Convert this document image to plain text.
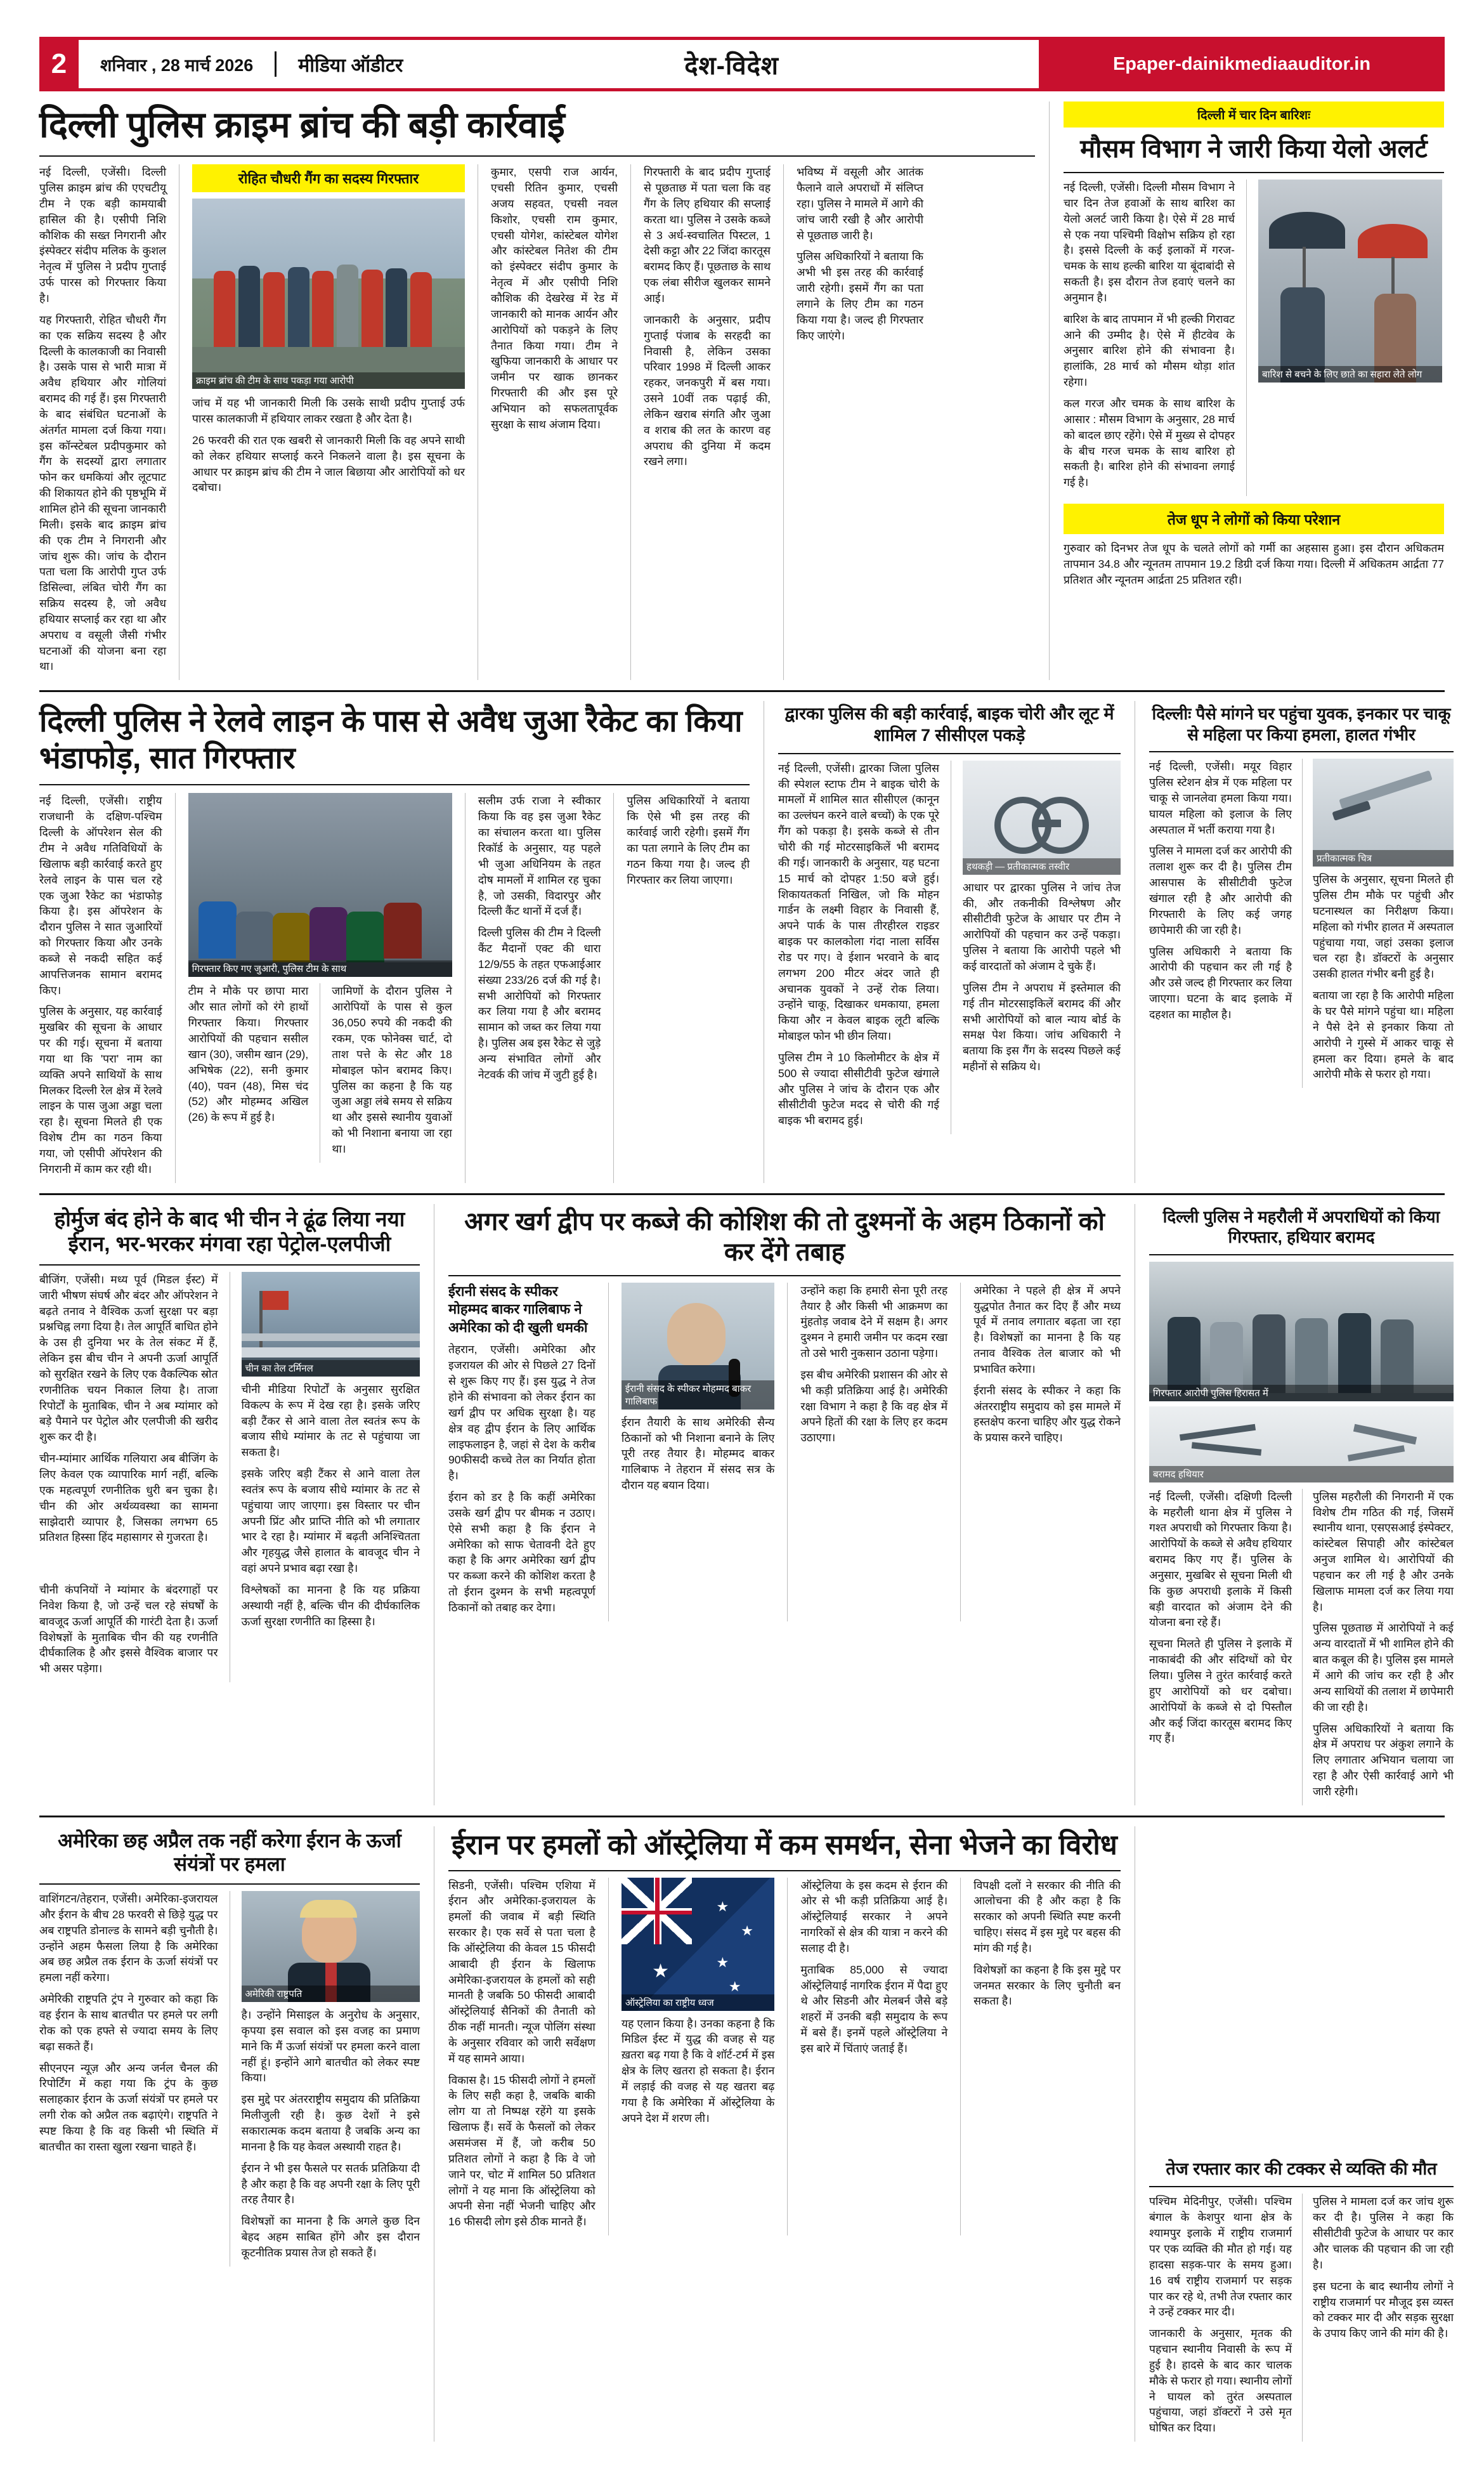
2	शनिवार , 28 मार्च 2026	मीडिया ऑडीटर	देश-विदेश	Epaper-dainikmediaauditor.in
दिल्ली पुलिस क्राइम ब्रांच की बड़ी कार्रवाई

नई दिल्ली, एजेंसी। दिल्ली पुलिस क्राइम ब्रांच की एएचटीयू टीम ने एक बड़ी कामयाबी हासिल की है। एसीपी निशि कौशिक की सख्त निगरानी और इंस्पेक्टर संदीप मलिक के कुशल नेतृत्व में पुलिस ने प्रदीप गुप्ताई उर्फ पारस को गिरफ्तार किया है।

यह गिरफ्तारी, रोहित चौधरी गैंग का एक सक्रिय सदस्य है और दिल्ली के कालकाजी का निवासी है। उसके पास से भारी मात्रा में अवैध हथियार और गोलियां बरामद की गई हैं। इस गिरफ्तारी के बाद संबंधित घटनाओं के अंतर्गत मामला दर्ज किया गया। इस कॉन्स्टेबल प्रदीपकुमार को गैंग के सदस्यों द्वारा लगातार फोन कर धमकियां और लूटपाट की शिकायत होने की पृष्ठभूमि में शामिल होने की सूचना जानकारी मिली। इसके बाद क्राइम ब्रांच की एक टीम ने निगरानी और जांच शुरू की। जांच के दौरान पता चला कि आरोपी गुप्त उर्फ डिसिल्वा, लंबित चोरी गैंग का सक्रिय सदस्य है, जो अवैध हथियार सप्लाई कर रहा था और अपराध व वसूली जैसी गंभीर घटनाओं की योजना बना रहा था।

रोहित चौधरी गैंग का सदस्य गिरफ्तार
क्राइम ब्रांच की टीम के साथ पकड़ा गया आरोपी

जांच में यह भी जानकारी मिली कि उसके साथी प्रदीप गुप्ताई उर्फ पारस कालकाजी में हथियार लाकर रखता है और देता है।

26 फरवरी की रात एक खबरी से जानकारी मिली कि वह अपने साथी को लेकर हथियार सप्लाई करने निकलने वाला है। इस सूचना के आधार पर क्राइम ब्रांच की टीम ने जाल बिछाया और आरोपियों को धर दबोचा।

कुमार, एसपी राज आर्यन, एचसी रितिन कुमार, एचसी अजय सहवत, एचसी नवल किशोर, एचसी राम कुमार, एचसी योगेश, कांस्टेबल योगेश और कांस्टेबल नितेश की टीम को इंस्पेक्टर संदीप कुमार के नेतृत्व में और एसीपी निशि कौशिक की देखरेख में रेड में जानकारी को मानक आर्यन और आरोपियों को पकड़ने के लिए तैनात किया गया। टीम ने खुफिया जानकारी के आधार पर जमीन पर खाक छानकर गिरफ्तारी की और इस पूरे अभियान को सफलतापूर्वक सुरक्षा के साथ अंजाम दिया।

गिरफ्तारी के बाद प्रदीप गुप्ताई से पूछताछ में पता चला कि वह गैंग के लिए हथियार की सप्लाई करता था। पुलिस ने उसके कब्जे से 3 अर्ध-स्वचालित पिस्टल, 1 देसी कट्टा और 22 जिंदा कारतूस बरामद किए हैं। पूछताछ के साथ एक लंबा सीरीज खुलकर सामने आई।

जानकारी के अनुसार, प्रदीप गुप्ताई पंजाब के सरहदी का निवासी है, लेकिन उसका परिवार 1998 में दिल्ली आकर रहकर, जनकपुरी में बस गया। उसने 10वीं तक पढ़ाई की, लेकिन खराब संगति और जुआ व शराब की लत के कारण वह अपराध की दुनिया में कदम रखने लगा।

भविष्य में वसूली और आतंक फैलाने वाले अपराधों में संलिप्त रहा। पुलिस ने मामले में आगे की जांच जारी रखी है और आरोपी से पूछताछ जारी है।

पुलिस अधिकारियों ने बताया कि अभी भी इस तरह की कार्रवाई जारी रहेगी। इसमें गैंग का पता लगाने के लिए टीम का गठन किया गया है। जल्द ही गिरफ्तार किए जाएंगे।

दिल्ली में चार दिन बारिशः
मौसम विभाग ने जारी किया येलो अलर्ट

नई दिल्ली, एजेंसी। दिल्ली मौसम विभाग ने चार दिन तेज हवाओं के साथ बारिश का येलो अलर्ट जारी किया है। ऐसे में 28 मार्च से एक नया पश्चिमी विक्षोभ सक्रिय हो रहा है। इससे दिल्ली के कई इलाकों में गरज-चमक के साथ हल्की बारिश या बूंदाबांदी से सकती है। इस दौरान तेज हवाएं चलने का अनुमान है।

बारिश के बाद तापमान में भी हल्की गिरावट आने की उम्मीद है। ऐसे में हीटवेव के अनुसार बारिश होने की संभावना है। हालांकि, 28 मार्च को मौसम थोड़ा शांत रहेगा।

कल गरज और चमक के साथ बारिश के आसार : मौसम विभाग के अनुसार, 28 मार्च को बादल छाए रहेंगे। ऐसे में मुख्य से दोपहर के बीच गरज चमक के साथ बारिश हो सकती है। बारिश होने की संभावना लगाई गई है।

बारिश से बचने के लिए छाते का सहारा लेते लोग
तेज धूप ने लोगों को किया परेशान

गुरुवार को दिनभर तेज धूप के चलते लोगों को गर्मी का अहसास हुआ। इस दौरान अधिकतम तापमान 34.8 और न्यूनतम तापमान 19.2 डिग्री दर्ज किया गया। दिल्ली में अधिकतम आर्द्रता 77 प्रतिशत और न्यूनतम आर्द्रता 25 प्रतिशत रही।

दिल्ली पुलिस ने रेलवे लाइन के पास से अवैध जुआ रैकेट का किया भंडाफोड़, सात गिरफ्तार

नई दिल्ली, एजेंसी। राष्ट्रीय राजधानी के दक्षिण-पश्चिम दिल्ली के ऑपरेशन सेल की टीम ने अवैध गतिविधियों के खिलाफ बड़ी कार्रवाई करते हुए रेलवे लाइन के पास चल रहे एक जुआ रैकेट का भंडाफोड़ किया है। इस ऑपरेशन के दौरान पुलिस ने सात जुआरियों को गिरफ्तार किया और उनके कब्जे से नकदी सहित कई आपत्तिजनक सामान बरामद किए।

पुलिस के अनुसार, यह कार्रवाई मुखबिर की सूचना के आधार पर की गई। सूचना में बताया गया था कि 'परा' नाम का व्यक्ति अपने साथियों के साथ मिलकर दिल्ली रेल क्षेत्र में रेलवे लाइन के पास जुआ अड्डा चला रहा है। सूचना मिलते ही एक विशेष टीम का गठन किया गया, जो एसीपी ऑपरेशन की निगरानी में काम कर रही थी।

गिरफ्तार किए गए जुआरी, पुलिस टीम के साथ

टीम ने मौके पर छापा मारा और सात लोगों को रंगे हाथों गिरफ्तार किया। गिरफ्तार आरोपियों की पहचान ससील खान (30), जसीम खान (29), अभिषेक (22), सनी कुमार (40), पवन (48), मिस चंद (52) और मोहम्मद अखिल (26) के रूप में हुई है।

जामिणों के दौरान पुलिस ने आरोपियों के पास से कुल 36,050 रुपये की नकदी की रकम, एक फोनेक्स चार्ट, दो ताश पत्ते के सेट और 18 मोबाइल फोन बरामद किए। पुलिस का कहना है कि यह जुआ अड्डा लंबे समय से सक्रिय था और इससे स्थानीय युवाओं को भी निशाना बनाया जा रहा था।

सलीम उर्फ राजा ने स्वीकार किया कि वह इस जुआ रैकेट का संचालन करता था। पुलिस रिकॉर्ड के अनुसार, यह पहले भी जुआ अधिनियम के तहत दोष मामलों में शामिल रह चुका है, जो उसकी, विदारपुर और दिल्ली कैंट थानों में दर्ज हैं।

दिल्ली पुलिस की टीम ने दिल्ली कैंट मैदानों एक्ट की धारा 12/9/55 के तहत एफआईआर संख्या 233/26 दर्ज की गई है। सभी आरोपियों को गिरफ्तार कर लिया गया है और बरामद सामान को जब्त कर लिया गया है। पुलिस अब इस रैकेट से जुड़े अन्य संभावित लोगों और नेटवर्क की जांच में जुटी हुई है।

पुलिस अधिकारियों ने बताया कि ऐसे भी इस तरह की कार्रवाई जारी रहेगी। इसमें गैंग का पता लगाने के लिए टीम का गठन किया गया है। जल्द ही गिरफ्तार कर लिया जाएगा।

द्वारका पुलिस की बड़ी कार्रवाई, बाइक चोरी और लूट में शामिल 7 सीसीएल पकड़े

नई दिल्ली, एजेंसी। द्वारका जिला पुलिस की स्पेशल स्टाफ टीम ने बाइक चोरी के मामलों में शामिल सात सीसीएल (कानून का उल्लंघन करने वाले बच्चों) के एक पूरे गैंग को पकड़ा है। इसके कब्जे से तीन चोरी की गई मोटरसाइकिलें भी बरामद की गई। जानकारी के अनुसार, यह घटना 15 मार्च को दोपहर 1:50 बजे हुई। शिकायतकर्ता निखिल, जो कि मोहन गार्डन के लक्ष्मी विहार के निवासी हैं, अपने पार्क के पास तीरहीरल राइडर बाइक पर कालकोला गंदा नाला सर्विस रोड पर गए। वे ईशान भरवाने के बाद लगभग 200 मीटर अंदर जाते ही अचानक युवकों ने उन्हें रोक लिया। उन्होंने चाकू, दिखाकर धमकाया, हमला किया और न केवल बाइक लूटी बल्कि मोबाइल फोन भी छीन लिया।

पुलिस टीम ने 10 किलोमीटर के क्षेत्र में 500 से ज्यादा सीसीटीवी फुटेज खंगाले और पुलिस ने जांच के दौरान एक और सीसीटीवी फुटेज मदद से चोरी की गई बाइक भी बरामद हुई।

हथकड़ी — प्रतीकात्मक तस्वीर

आधार पर द्वारका पुलिस ने जांच तेज की, और तकनीकी विश्लेषण और सीसीटीवी फुटेज के आधार पर टीम ने आरोपियों की पहचान कर उन्हें पकड़ा। पुलिस ने बताया कि आरोपी पहले भी कई वारदातों को अंजाम दे चुके हैं।

पुलिस टीम ने अपराध में इस्तेमाल की गई तीन मोटरसाइकिलें बरामद कीं और सभी आरोपियों को बाल न्याय बोर्ड के समक्ष पेश किया। जांच अधिकारी ने बताया कि इस गैंग के सदस्य पिछले कई महीनों से सक्रिय थे।

दिल्लीः पैसे मांगने घर पहुंचा युवक, इनकार पर चाकू से महिला पर किया हमला, हालत गंभीर

नई दिल्ली, एजेंसी। मयूर विहार पुलिस स्टेशन क्षेत्र में एक महिला पर चाकू से जानलेवा हमला किया गया। घायल महिला को इलाज के लिए अस्पताल में भर्ती कराया गया है।

पुलिस ने मामला दर्ज कर आरोपी की तलाश शुरू कर दी है। पुलिस टीम आसपास के सीसीटीवी फुटेज खंगाल रही है और आरोपी की गिरफ्तारी के लिए कई जगह छापेमारी की जा रही है।

पुलिस अधिकारी ने बताया कि आरोपी की पहचान कर ली गई है और उसे जल्द ही गिरफ्तार कर लिया जाएगा। घटना के बाद इलाके में दहशत का माहौल है।

प्रतीकात्मक चित्र

पुलिस के अनुसार, सूचना मिलते ही पुलिस टीम मौके पर पहुंची और घटनास्थल का निरीक्षण किया। महिला को गंभीर हालत में अस्पताल पहुंचाया गया, जहां उसका इलाज चल रहा है। डॉक्टरों के अनुसार उसकी हालत गंभीर बनी हुई है।

बताया जा रहा है कि आरोपी महिला के घर पैसे मांगने पहुंचा था। महिला ने पैसे देने से इनकार किया तो आरोपी ने गुस्से में आकर चाकू से हमला कर दिया। हमले के बाद आरोपी मौके से फरार हो गया।

होर्मुज बंद होने के बाद भी चीन ने ढूंढ लिया नया ईरान, भर-भरकर मंगवा रहा पेट्रोल-एलपीजी

बीजिंग, एजेंसी। मध्य पूर्व (मिडल ईस्ट) में जारी भीषण संघर्ष और बंदर और ऑपरेशन ने बढ़ते तनाव ने वैश्विक ऊर्जा सुरक्षा पर बड़ा प्रश्नचिह्न लगा दिया है। तेल आपूर्ति बाधित होने के उस ही दुनिया भर के तेल संकट में हैं, लेकिन इस बीच चीन ने अपनी ऊर्जा आपूर्ति को सुरक्षित रखने के लिए एक वैकल्पिक स्रोत रणनीतिक चयन निकाल लिया है। ताजा रिपोर्टों के मुताबिक, चीन ने अब म्यांमार को बड़े पैमाने पर पेट्रोल और एलपीजी की खरीद शुरू कर दी है।

चीन-म्यांमार आर्थिक गलियारा अब बीजिंग के लिए केवल एक व्यापारिक मार्ग नहीं, बल्कि एक महत्वपूर्ण रणनीतिक धुरी बन चुका है। चीन की ओर अर्थव्यवस्था का सामना साझेदारी व्यापार है, जिसका लगभग 65 प्रतिशत हिस्सा हिंद महासागर से गुजरता है।

चीन का तेल टर्मिनल

चीनी मीडिया रिपोर्टों के अनुसार सुरक्षित विकल्प के रूप में देख रहा है। इसके जरिए बड़ी टैंकर से आने वाला तेल स्वतंत्र रूप के बजाय सीधे म्यांमार के तट से पहुंचाया जा सकता है।

इसके जरिए बड़ी टैंकर से आने वाला तेल स्वतंत्र रूप के बजाय सीधे म्यांमार के तट से पहुंचाया जाए जाएगा। इस विस्तार पर चीन अपनी प्रिंट और प्राप्ति नीति को भी लगातार भार दे रहा है। म्यांमार में बढ़ती अनिश्चितता और गृहयुद्ध जैसे हालात के बावजूद चीन ने वहां अपने प्रभाव बढ़ा रखा है।

चीनी कंपनियों ने म्यांमार के बंदरगाहों पर निवेश किया है, जो उन्हें चल रहे संघर्षों के बावजूद ऊर्जा आपूर्ति की गारंटी देता है। ऊर्जा विशेषज्ञों के मुताबिक चीन की यह रणनीति दीर्घकालिक है और इससे वैश्विक बाजार पर भी असर पड़ेगा।

विश्लेषकों का मानना है कि यह प्रक्रिया अस्थायी नहीं है, बल्कि चीन की दीर्घकालिक ऊर्जा सुरक्षा रणनीति का हिस्सा है।

अगर खर्ग द्वीप पर कब्जे की कोशिश की तो दुश्मनों के अहम ठिकानों को कर देंगे तबाह
ईरानी संसद के स्पीकर मोहम्मद बाकर गालिबाफ ने अमेरिका को दी खुली धमकी

तेहरान, एजेंसी। अमेरिका और इजरायल की ओर से पिछले 27 दिनों से शुरू किए गए हैं। इस युद्ध ने तेज होने की संभावना को लेकर ईरान का खर्ग द्वीप पर अधिक सुरक्षा है। यह क्षेत्र वह द्वीप ईरान के लिए आर्थिक लाइफलाइन है, जहां से देश के करीब 90फीसदी कच्चे तेल का निर्यात होता है।

ईरान को डर है कि कहीं अमेरिका उसके खर्ग द्वीप पर बीमक न उठाए। ऐसे सभी कहा है कि ईरान ने अमेरिका को साफ चेतावनी देते हुए कहा है कि अगर अमेरिका खर्ग द्वीप पर कब्जा करने की कोशिश करता है तो ईरान दुश्मन के सभी महत्वपूर्ण ठिकानों को तबाह कर देगा।

ईरानी संसद के स्पीकर मोहम्मद बाकर गालिबाफ

ईरान तैयारी के साथ अमेरिकी सैन्य ठिकानों को भी निशाना बनाने के लिए पूरी तरह तैयार है। मोहम्मद बाकर गालिबाफ ने तेहरान में संसद सत्र के दौरान यह बयान दिया।

उन्होंने कहा कि हमारी सेना पूरी तरह तैयार है और किसी भी आक्रमण का मुंहतोड़ जवाब देने में सक्षम है। अगर दुश्मन ने हमारी जमीन पर कदम रखा तो उसे भारी नुकसान उठाना पड़ेगा।

इस बीच अमेरिकी प्रशासन की ओर से भी कड़ी प्रतिक्रिया आई है। अमेरिकी रक्षा विभाग ने कहा है कि वह क्षेत्र में अपने हितों की रक्षा के लिए हर कदम उठाएगा।

अमेरिका ने पहले ही क्षेत्र में अपने युद्धपोत तैनात कर दिए हैं और मध्य पूर्व में तनाव लगातार बढ़ता जा रहा है। विशेषज्ञों का मानना है कि यह तनाव वैश्विक तेल बाजार को भी प्रभावित करेगा।

ईरानी संसद के स्पीकर ने कहा कि अंतरराष्ट्रीय समुदाय को इस मामले में हस्तक्षेप करना चाहिए और युद्ध रोकने के प्रयास करने चाहिए।

दिल्ली पुलिस ने महरौली में अपराधियों को किया गिरफ्तार, हथियार बरामद
गिरफ्तार आरोपी पुलिस हिरासत में
बरामद हथियार

नई दिल्ली, एजेंसी। दक्षिणी दिल्ली के महरौली थाना क्षेत्र में पुलिस ने गश्त अपराधी को गिरफ्तार किया है। आरोपियों के कब्जे से अवैध हथियार बरामद किए गए हैं। पुलिस के अनुसार, मुखबिर से सूचना मिली थी कि कुछ अपराधी इलाके में किसी बड़ी वारदात को अंजाम देने की योजना बना रहे हैं।

सूचना मिलते ही पुलिस ने इलाके में नाकाबंदी की और संदिग्धों को घेर लिया। पुलिस ने तुरंत कार्रवाई करते हुए आरोपियों को धर दबोचा। आरोपियों के कब्जे से दो पिस्तौल और कई जिंदा कारतूस बरामद किए गए हैं।

पुलिस महरौली की निगरानी में एक विशेष टीम गठित की गई, जिसमें स्थानीय थाना, एसएसआई इंस्पेक्टर, कांस्टेबल सिपाही और कांस्टेबल अनुज शामिल थे। आरोपियों की पहचान कर ली गई है और उनके खिलाफ मामला दर्ज कर लिया गया है।

पुलिस पूछताछ में आरोपियों ने कई अन्य वारदातों में भी शामिल होने की बात कबूल की है। पुलिस इस मामले में आगे की जांच कर रही है और अन्य साथियों की तलाश में छापेमारी की जा रही है।

पुलिस अधिकारियों ने बताया कि क्षेत्र में अपराध पर अंकुश लगाने के लिए लगातार अभियान चलाया जा रहा है और ऐसी कार्रवाई आगे भी जारी रहेगी।

अमेरिका छह अप्रैल तक नहीं करेगा ईरान के ऊर्जा संयंत्रों पर हमला

वाशिंगटन/तेहरान, एजेंसी। अमेरिका-इजरायल और ईरान के बीच 28 फरवरी से छिड़े युद्ध पर अब राष्ट्रपति डोनाल्ड के सामने बड़ी चुनौती है। उन्होंने अहम फैसला लिया है कि अमेरिका अब छह अप्रैल तक ईरान के ऊर्जा संयंत्रों पर हमला नहीं करेगा।

अमेरिकी राष्ट्रपति ट्रंप ने गुरुवार को कहा कि वह ईरान के साथ बातचीत पर हमले पर लगी रोक को एक हफ्ते से ज्यादा समय के लिए बढ़ा सकते हैं।

सीएनएन न्यूज़ और अन्य जर्नल चैनल की रिपोर्टिंग में कहा गया कि ट्रंप के कुछ सलाहकार ईरान के ऊर्जा संयंत्रों पर हमले पर लगी रोक को अप्रैल तक बढ़ाएंगे। राष्ट्रपति ने स्पष्ट किया है कि वह किसी भी स्थिति में बातचीत का रास्ता खुला रखना चाहते हैं।

अमेरिकी राष्ट्रपति

है। उन्होंने मिसाइल के अनुरोध के अनुसार, कृपया इस सवाल को इस वजह का प्रमाण माने कि मैं ऊर्जा संयंत्रों पर हमला करने वाला नहीं हूं। इन्होंने आगे बातचीत को लेकर स्पष्ट किया।

इस मुद्दे पर अंतरराष्ट्रीय समुदाय की प्रतिक्रिया मिलीजुली रही है। कुछ देशों ने इसे सकारात्मक कदम बताया है जबकि अन्य का मानना है कि यह केवल अस्थायी राहत है।

ईरान ने भी इस फैसले पर सतर्क प्रतिक्रिया दी है और कहा है कि वह अपनी रक्षा के लिए पूरी तरह तैयार है।

विशेषज्ञों का मानना है कि अगले कुछ दिन बेहद अहम साबित होंगे और इस दौरान कूटनीतिक प्रयास तेज हो सकते हैं।

ईरान पर हमलों को ऑस्ट्रेलिया में कम समर्थन, सेना भेजने का विरोध

सिडनी, एजेंसी। पश्चिम एशिया में ईरान और अमेरिका-इजरायल के हमलों की जवाब में बड़ी स्थिति सरकार है। एक सर्वे से पता चला है कि ऑस्ट्रेलिया की केवल 15 फीसदी आबादी ही ईरान के खिलाफ अमेरिका-इजरायल के हमलों को सही मानती है जबकि 50 फीसदी आबादी ऑस्ट्रेलियाई सैनिकों की तैनाती को ठीक नहीं मानती। न्यूज पोलिंग संस्था के अनुसार रविवार को जारी सर्वेक्षण में यह सामने आया।

विकास है। 15 फीसदी लोगों ने हमलों के लिए सही कहा है, जबकि बाकी लोग या तो निष्पक्ष रहेंगे या इसके खिलाफ हैं। सर्वे के फैसलों को लेकर असमंजस में हैं, जो करीब 50 प्रतिशत लोगों ने कहा है कि वे जो जाने पर, चोट में शामिल 50 प्रतिशत लोगों ने यह माना कि ऑस्ट्रेलिया को अपनी सेना नहीं भेजनी चाहिए और 16 फीसदी लोग इसे ठीक मानते हैं।

★
★
★
★
★
ऑस्ट्रेलिया का राष्ट्रीय ध्वज

यह एलान किया है। उनका कहना है कि मिडिल ईस्ट में युद्ध की वजह से यह ख़तरा बढ़ गया है कि वे शॉर्ट-टर्म में इस क्षेत्र के लिए खतरा हो सकता है। ईरान में लड़ाई की वजह से यह खतरा बढ़ गया है कि अमेरिका में ऑस्ट्रेलिया के अपने देश में शरण ली।

ऑस्ट्रेलिया के इस कदम से ईरान की ओर से भी कड़ी प्रतिक्रिया आई है। ऑस्ट्रेलियाई सरकार ने अपने नागरिकों से क्षेत्र की यात्रा न करने की सलाह दी है।

मुताबिक 85,000 से ज्यादा ऑस्ट्रेलियाई नागरिक ईरान में पैदा हुए थे और सिडनी और मेलबर्न जैसे बड़े शहरों में उनकी बड़ी समुदाय के रूप में बसे हैं। इनमें पहले ऑस्ट्रेलिया ने इस बारे में चिंताएं जताई हैं।

विपक्षी दलों ने सरकार की नीति की आलोचना की है और कहा है कि सरकार को अपनी स्थिति स्पष्ट करनी चाहिए। संसद में इस मुद्दे पर बहस की मांग की गई है।

विशेषज्ञों का कहना है कि इस मुद्दे पर जनमत सरकार के लिए चुनौती बन सकता है।

तेज रफ्तार कार की टक्कर से व्यक्ति की मौत

पश्चिम मेदिनीपुर, एजेंसी। पश्चिम बंगाल के केशपुर थाना क्षेत्र के श्यामपुर इलाके में राष्ट्रीय राजमार्ग पर एक व्यक्ति की मौत हो गई। यह हादसा सड़क-पार के समय हुआ। 16 वर्ष राष्ट्रीय राजमार्ग पर सड़क पार कर रहे थे, तभी तेज रफ्तार कार ने उन्हें टक्कर मार दी।

जानकारी के अनुसार, मृतक की पहचान स्थानीय निवासी के रूप में हुई है। हादसे के बाद कार चालक मौके से फरार हो गया। स्थानीय लोगों ने घायल को तुरंत अस्पताल पहुंचाया, जहां डॉक्टरों ने उसे मृत घोषित कर दिया।

पुलिस ने मामला दर्ज कर जांच शुरू कर दी है। पुलिस ने कहा कि सीसीटीवी फुटेज के आधार पर कार और चालक की पहचान की जा रही है।

इस घटना के बाद स्थानीय लोगों ने राष्ट्रीय राजमार्ग पर मौजूद इस व्यस्त को टक्कर मार दी और सड़क सुरक्षा के उपाय किए जाने की मांग की है।
